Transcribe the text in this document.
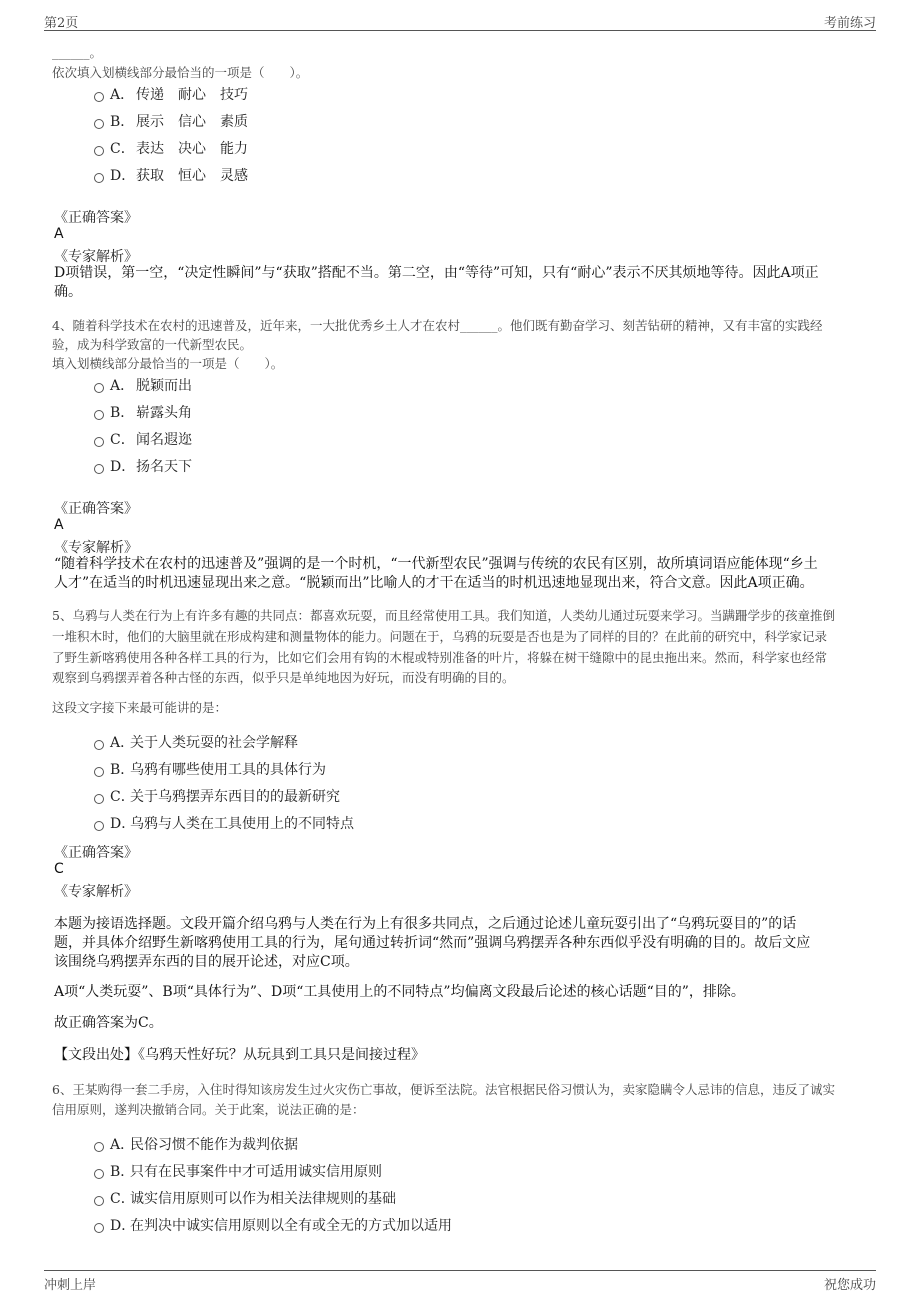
第2页	考前练习
______。
依次填入划横线部分最恰当的一项是（　　）。
A． 传递 耐心 技巧
B． 展示 信心 素质
C．表达 决心 能力
D．获取 恒心 灵感
《正确答案》
A
《专家解析》
D项错误，第一空，“决定性瞬间”与“获取”搭配不当。第二空，由“等待”可知，只有“耐心”表示不厌其烦地等待。因此A项正
确。
4、随着科学技术在农村的迅速普及，近年来，一大批优秀乡土人才在农村______。他们既有勤奋学习、刻苦钻研的精神，又有丰富的实践经
验，成为科学致富的一代新型农民。
填入划横线部分最恰当的一项是（　　）。
A． 脱颖而出
B． 崭露头角
C．闻名遐迩
D．扬名天下
《正确答案》
A
《专家解析》
“随着科学技术在农村的迅速普及”强调的是一个时机，“一代新型农民”强调与传统的农民有区别，故所填词语应能体现“乡土
人才”在适当的时机迅速显现出来之意。“脱颖而出”比喻人的才干在适当的时机迅速地显现出来，符合文意。因此A项正确。
5、乌鸦与人类在行为上有许多有趣的共同点：都喜欢玩耍，而且经常使用工具。我们知道，人类幼儿通过玩耍来学习。当蹒跚学步的孩童推倒
一堆积木时，他们的大脑里就在形成构建和测量物体的能力。问题在于，乌鸦的玩耍是否也是为了同样的目的？在此前的研究中，科学家记录
了野生新喀鸦使用各种各样工具的行为，比如它们会用有钩的木棍或特别准备的叶片，将躲在树干缝隙中的昆虫拖出来。然而，科学家也经常
观察到乌鸦摆弄着各种古怪的东西，似乎只是单纯地因为好玩，而没有明确的目的。
这段文字接下来最可能讲的是：
A．关于人类玩耍的社会学解释
B．乌鸦有哪些使用工具的具体行为
C．关于乌鸦摆弄东西目的的最新研究
D．乌鸦与人类在工具使用上的不同特点
《正确答案》
C
《专家解析》
本题为接语选择题。文段开篇介绍乌鸦与人类在行为上有很多共同点，之后通过论述儿童玩耍引出了“乌鸦玩耍目的”的话
题，并具体介绍野生新喀鸦使用工具的行为，尾句通过转折词“然而”强调乌鸦摆弄各种东西似乎没有明确的目的。故后文应
该围绕乌鸦摆弄东西的目的展开论述，对应C项。
A项“人类玩耍”、B项“具体行为”、D项“工具使用上的不同特点”均偏离文段最后论述的核心话题“目的”，排除。
故正确答案为C。
【文段出处】《乌鸦天性好玩？从玩具到工具只是间接过程》
6、王某购得一套二手房，入住时得知该房发生过火灾伤亡事故，便诉至法院。法官根据民俗习惯认为，卖家隐瞒令人忌讳的信息，违反了诚实
信用原则，遂判决撤销合同。关于此案，说法正确的是：
A．民俗习惯不能作为裁判依据
B．只有在民事案件中才可适用诚实信用原则
C．诚实信用原则可以作为相关法律规则的基础
D．在判决中诚实信用原则以全有或全无的方式加以适用
冲刺上岸	祝您成功
